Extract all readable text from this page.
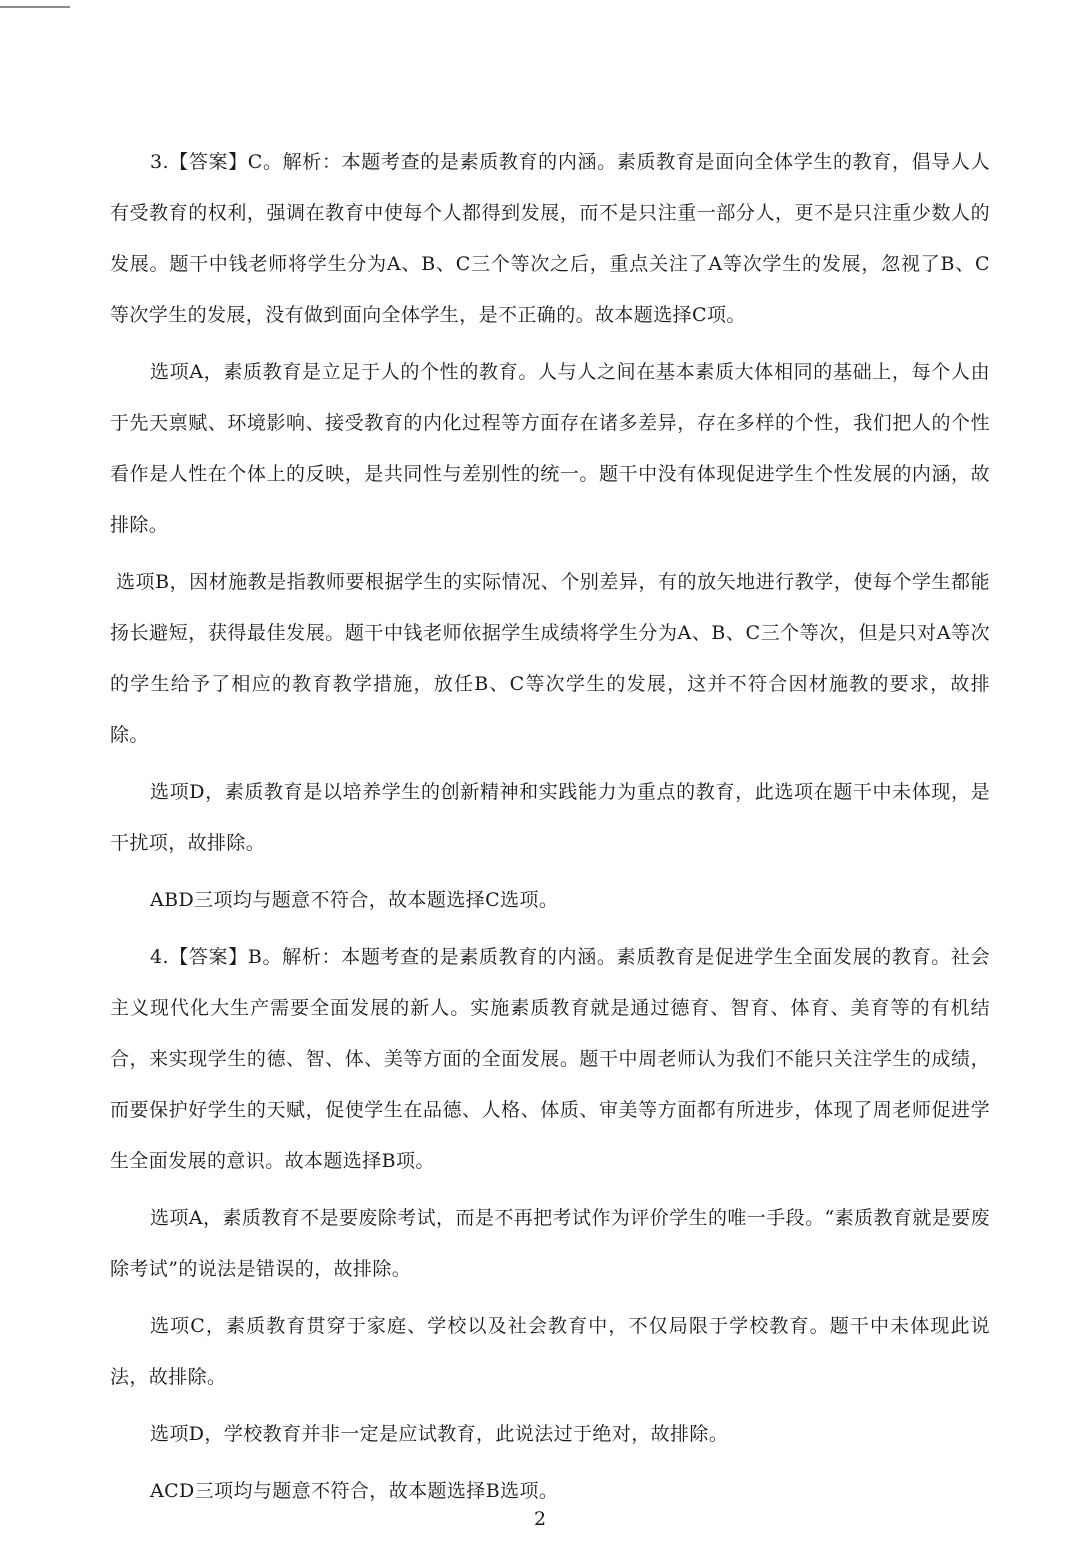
3.【答案】C。解析：本题考查的是素质教育的内涵。素质教育是面向全体学生的教育，倡导人人有受教育的权利，强调在教育中使每个人都得到发展，而不是只注重一部分人，更不是只注重少数人的发展。题干中钱老师将学生分为A、B、C三个等次之后，重点关注了A等次学生的发展，忽视了B、C等次学生的发展，没有做到面向全体学生，是不正确的。故本题选择C项。

选项A，素质教育是立足于人的个性的教育。人与人之间在基本素质大体相同的基础上，每个人由于先天禀赋、环境影响、接受教育的内化过程等方面存在诸多差异，存在多样的个性，我们把人的个性看作是人性在个体上的反映，是共同性与差别性的统一。题干中没有体现促进学生个性发展的内涵，故排除。

选项B，因材施教是指教师要根据学生的实际情况、个别差异，有的放矢地进行教学，使每个学生都能扬长避短，获得最佳发展。题干中钱老师依据学生成绩将学生分为A、B、C三个等次，但是只对A等次的学生给予了相应的教育教学措施，放任B、C等次学生的发展，这并不符合因材施教的要求，故排除。

选项D，素质教育是以培养学生的创新精神和实践能力为重点的教育，此选项在题干中未体现，是干扰项，故排除。

ABD三项均与题意不符合，故本题选择C选项。

4.【答案】B。解析：本题考查的是素质教育的内涵。素质教育是促进学生全面发展的教育。社会主义现代化大生产需要全面发展的新人。实施素质教育就是通过德育、智育、体育、美育等的有机结合，来实现学生的德、智、体、美等方面的全面发展。题干中周老师认为我们不能只关注学生的成绩，而要保护好学生的天赋，促使学生在品德、人格、体质、审美等方面都有所进步，体现了周老师促进学生全面发展的意识。故本题选择B项。

选项A，素质教育不是要废除考试，而是不再把考试作为评价学生的唯一手段。“素质教育就是要废除考试”的说法是错误的，故排除。

选项C，素质教育贯穿于家庭、学校以及社会教育中，不仅局限于学校教育。题干中未体现此说法，故排除。

选项D，学校教育并非一定是应试教育，此说法过于绝对，故排除。

ACD三项均与题意不符合，故本题选择B选项。

2
